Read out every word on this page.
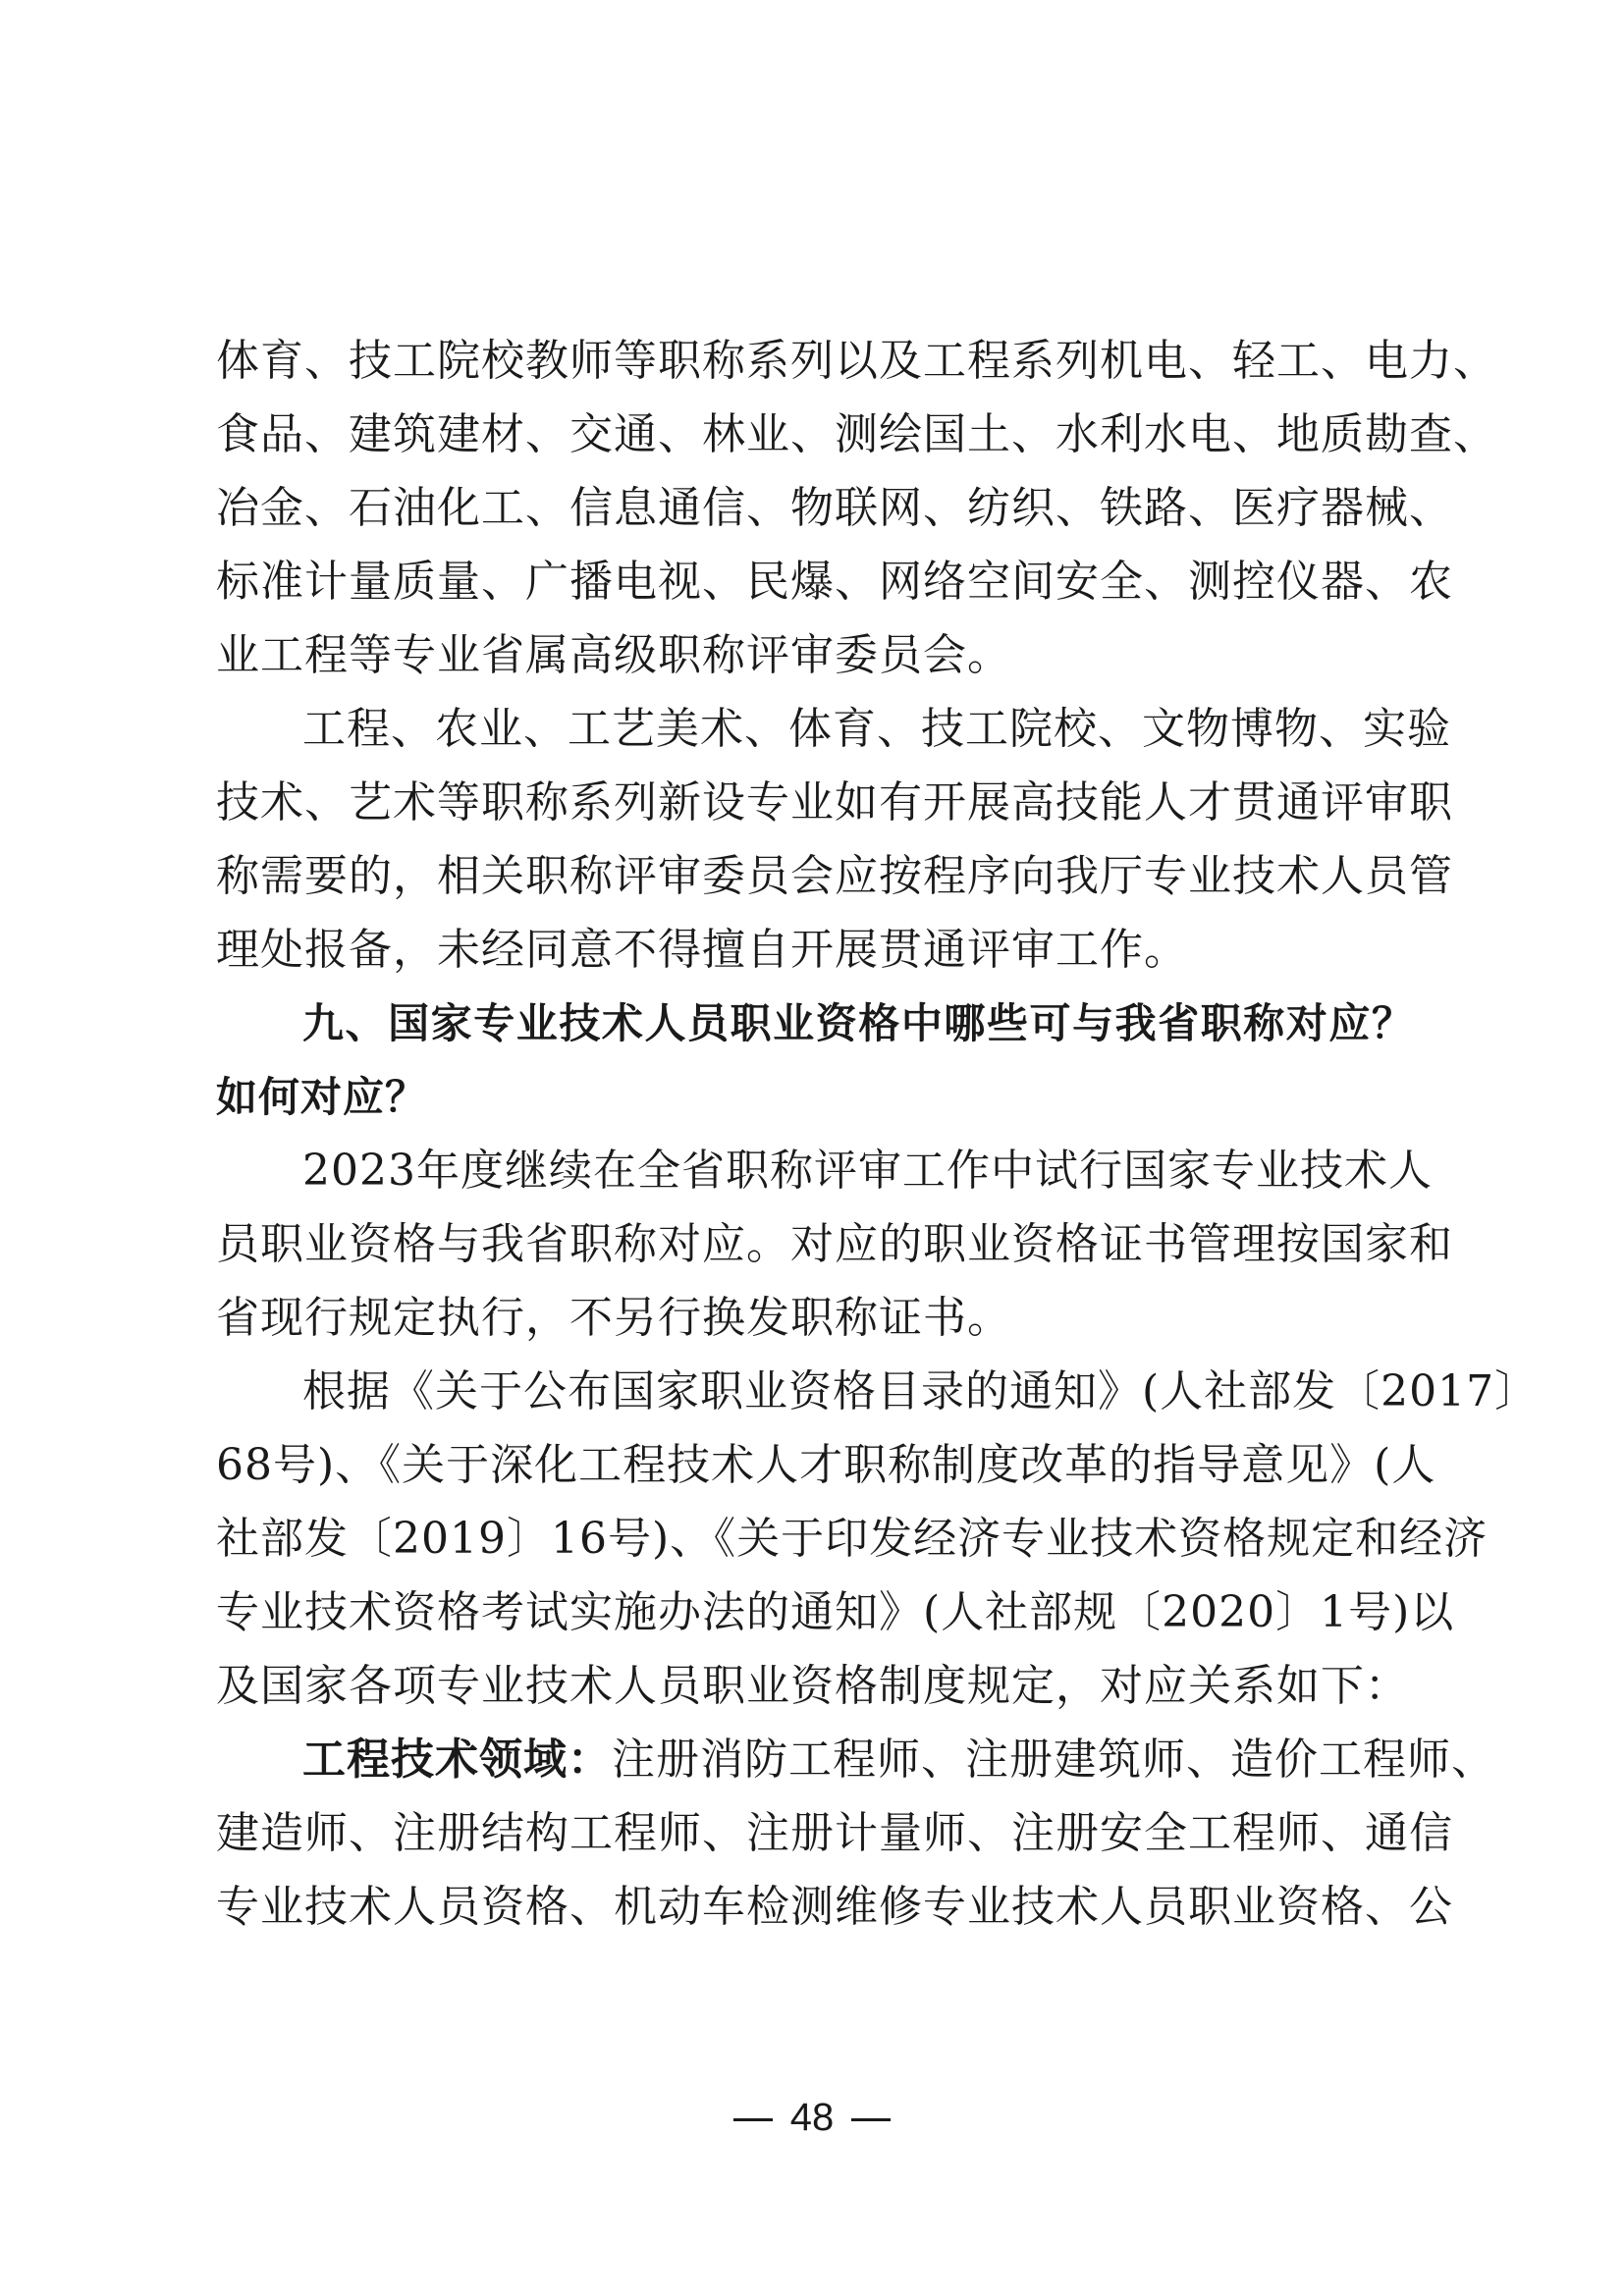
体育、技工院校教师等职称系列以及工程系列机电、轻工、电力、
食品、建筑建材、交通、林业、测绘国土、水利水电、地质勘查、
冶金、石油化工、信息通信、物联网、纺织、铁路、医疗器械、
标准计量质量、广播电视、民爆、网络空间安全、测控仪器、农
业工程等专业省属高级职称评审委员会。
工程、农业、工艺美术、体育、技工院校、文物博物、实验
技术、艺术等职称系列新设专业如有开展高技能人才贯通评审职
称需要的，相关职称评审委员会应按程序向我厅专业技术人员管
理处报备，未经同意不得擅自开展贯通评审工作。
九、国家专业技术人员职业资格中哪些可与我省职称对应？
如何对应？
2023年度继续在全省职称评审工作中试行国家专业技术人
员职业资格与我省职称对应。对应的职业资格证书管理按国家和
省现行规定执行，不另行换发职称证书。
根据《关于公布国家职业资格目录的通知》(人社部发〔2017〕
68号)、《关于深化工程技术人才职称制度改革的指导意见》(人
社部发〔2019〕16号)、《关于印发经济专业技术资格规定和经济
专业技术资格考试实施办法的通知》(人社部规〔2020〕1号)以
及国家各项专业技术人员职业资格制度规定，对应关系如下：
工程技术领域：注册消防工程师、注册建筑师、造价工程师、
建造师、注册结构工程师、注册计量师、注册安全工程师、通信
专业技术人员资格、机动车检测维修专业技术人员职业资格、公
48
